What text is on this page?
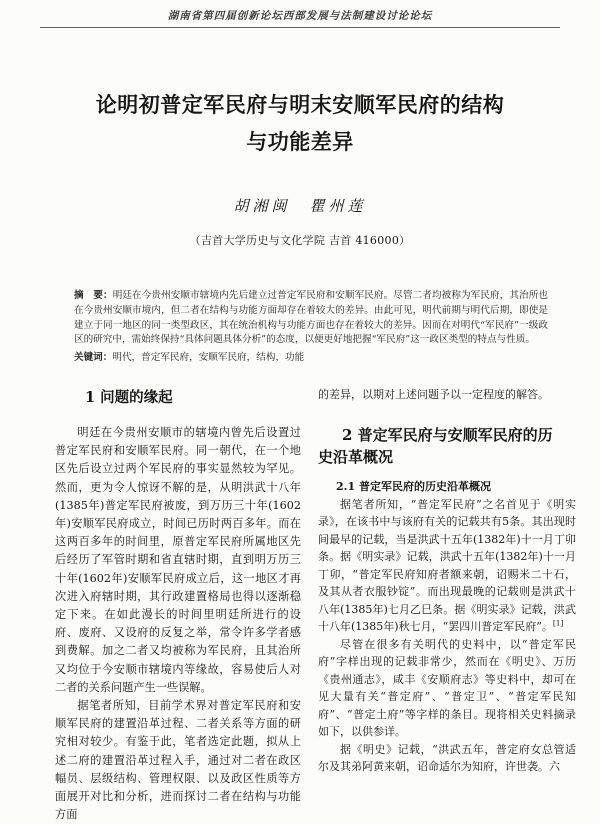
湖南省第四届创新论坛西部发展与法制建设讨论论坛
论明初普定军民府与明末安顺军民府的结构
与功能差异
胡湘闽　瞿州莲
（吉首大学历史与文化学院 吉首 416000）
摘　要：明廷在今贵州安顺市辖境内先后建立过普定军民府和安顺军民府。尽管二者均被称为军民府，其治所也在今贵州安顺市境内，但二者在结构与功能方面却存在着较大的差异。由此可见，明代前期与明代后期，即使是建立于同一地区的同一类型政区，其在统治机构与功能方面也存在着较大的差异。因而在对明代“军民府”一级政区的研究中，需始终保持“具体问题具体分析”的态度，以便更好地把握“军民府”这一政区类型的特点与性质。
关键词：明代，普定军民府，安顺军民府，结构，功能
1 问题的缘起

明廷在今贵州安顺市的辖境内曾先后设置过普定军民府和安顺军民府。同一朝代，在一个地区先后设立过两个军民府的事实显然较为罕见。然而，更为令人惊讶不解的是，从明洪武十八年(1385年)普定军民府被废，到万历三十年(1602年)安顺军民府成立，时间已历时两百多年。而在这两百多年的时间里，原普定军民府所属地区先后经历了军管时期和省直辖时期，直到明万历三十年(1602年)安顺军民府成立后，这一地区才再次进入府辖时期，其行政建置格局也得以逐渐稳定下来。在如此漫长的时间里明廷所进行的设府、废府、又设府的反复之举，常令许多学者感到费解。加之二者又均被称为军民府，且其治所又均位于今安顺市辖境内等缘故，容易使后人对二者的关系问题产生一些误解。

据笔者所知，目前学术界对普定军民府和安顺军民府的建置沿革过程、二者关系等方面的研究相对较少。有鉴于此，笔者选定此题，拟从上述二府的建置沿革过程入手，通过对二者在政区幅员、层级结构、管理权限、以及政区性质等方面展开对比和分析，进而探讨二者在结构与功能方面

的差异，以期对上述问题予以一定程度的解答。

2 普定军民府与安顺军民府的历
史沿革概况
2.1 普定军民府的历史沿革概况

据笔者所知，“普定军民府”之名首见于《明实录》，在该书中与该府有关的记载共有5条。其出现时间最早的记载，当是洪武十五年(1382年)十一月丁卯条。据《明实录》记载，洪武十五年(1382年)十一月丁卯，“普定军民府知府者额来朝，诏赐米二十石，及其从者衣服钞锭”。而出现最晚的记载则是洪武十八年(1385年)七月乙巳条。据《明实录》记载，洪武十八年(1385年)秋七月，“罢四川普定军民府”。[1]

尽管在很多有关明代的史料中，以“普定军民府”字样出现的记载非常少，然而在《明史》、万历《贵州通志》，咸丰《安顺府志》等史料中，却可在见大量有关“普定府”、“普定卫”、“普定军民知府”、“普定土府”等字样的条目。现将相关史料摘录如下，以供参详。

据《明史》记载，“洪武五年，普定府女总管适尔及其弟阿黄来朝，诏命适尔为知府，许世袭。六
